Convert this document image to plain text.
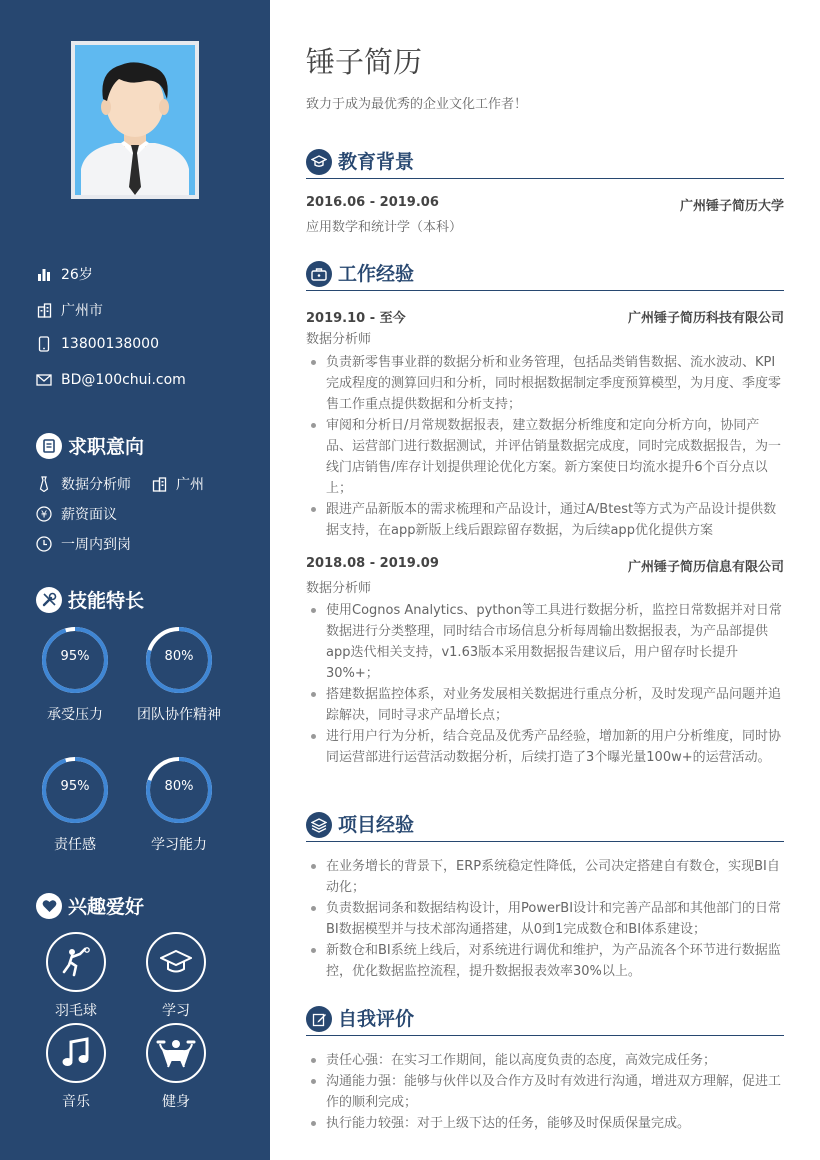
26岁
广州市
13800138000
BD@100chui.com
求职意向
数据分析师	广州
¥ 薪资面议
一周内到岗
技能特长
95%
承受压力
80%
团队协作精神
95%
责任感
80%
学习能力
兴趣爱好
羽毛球	学习
音乐	健身
锤子简历
致力于成为最优秀的企业文化工作者！
教育背景
2016.06 - 2019.06	广州锤子简历大学
应用数学和统计学（本科）
工作经验
2019.10 - 至今	广州锤子简历科技有限公司
数据分析师
负责新零售事业群的数据分析和业务管理，包括品类销售数据、流水波动、KPI完成程度的测算回归和分析，同时根据数据制定季度预算模型，为月度、季度零售工作重点提供数据和分析支持；
审阅和分析日/月常规数据报表，建立数据分析维度和定向分析方向，协同产品、运营部门进行数据测试，并评估销量数据完成度，同时完成数据报告，为一线门店销售/库存计划提供理论优化方案。新方案使日均流水提升6个百分点以上；
跟进产品新版本的需求梳理和产品设计，通过A/Btest等方式为产品设计提供数据支持，在app新版上线后跟踪留存数据，为后续app优化提供方案
2018.08 - 2019.09	广州锤子简历信息有限公司
数据分析师
使用Cognos Analytics、python等工具进行数据分析，监控日常数据并对日常数据进行分类整理，同时结合市场信息分析每周输出数据报表，为产品部提供app迭代相关支持，v1.63版本采用数据报告建议后，用户留存时长提升30%+；
搭建数据监控体系，对业务发展相关数据进行重点分析，及时发现产品问题并追踪解决，同时寻求产品增长点；
进行用户行为分析，结合竞品及优秀产品经验，增加新的用户分析维度，同时协同运营部进行运营活动数据分析，后续打造了3个曝光量100w+的运营活动。
项目经验
在业务增长的背景下，ERP系统稳定性降低，公司决定搭建自有数仓，实现BI自动化；
负责数据词条和数据结构设计，用PowerBI设计和完善产品部和其他部门的日常BI数据模型并与技术部沟通搭建，从0到1完成数仓和BI体系建设；
新数仓和BI系统上线后，对系统进行调优和维护，为产品流各个环节进行数据监控，优化数据监控流程，提升数据报表效率30%以上。
自我评价
责任心强：在实习工作期间，能以高度负责的态度，高效完成任务；
沟通能力强：能够与伙伴以及合作方及时有效进行沟通，增进双方理解，促进工作的顺利完成；
执行能力较强：对于上级下达的任务，能够及时保质保量完成。
